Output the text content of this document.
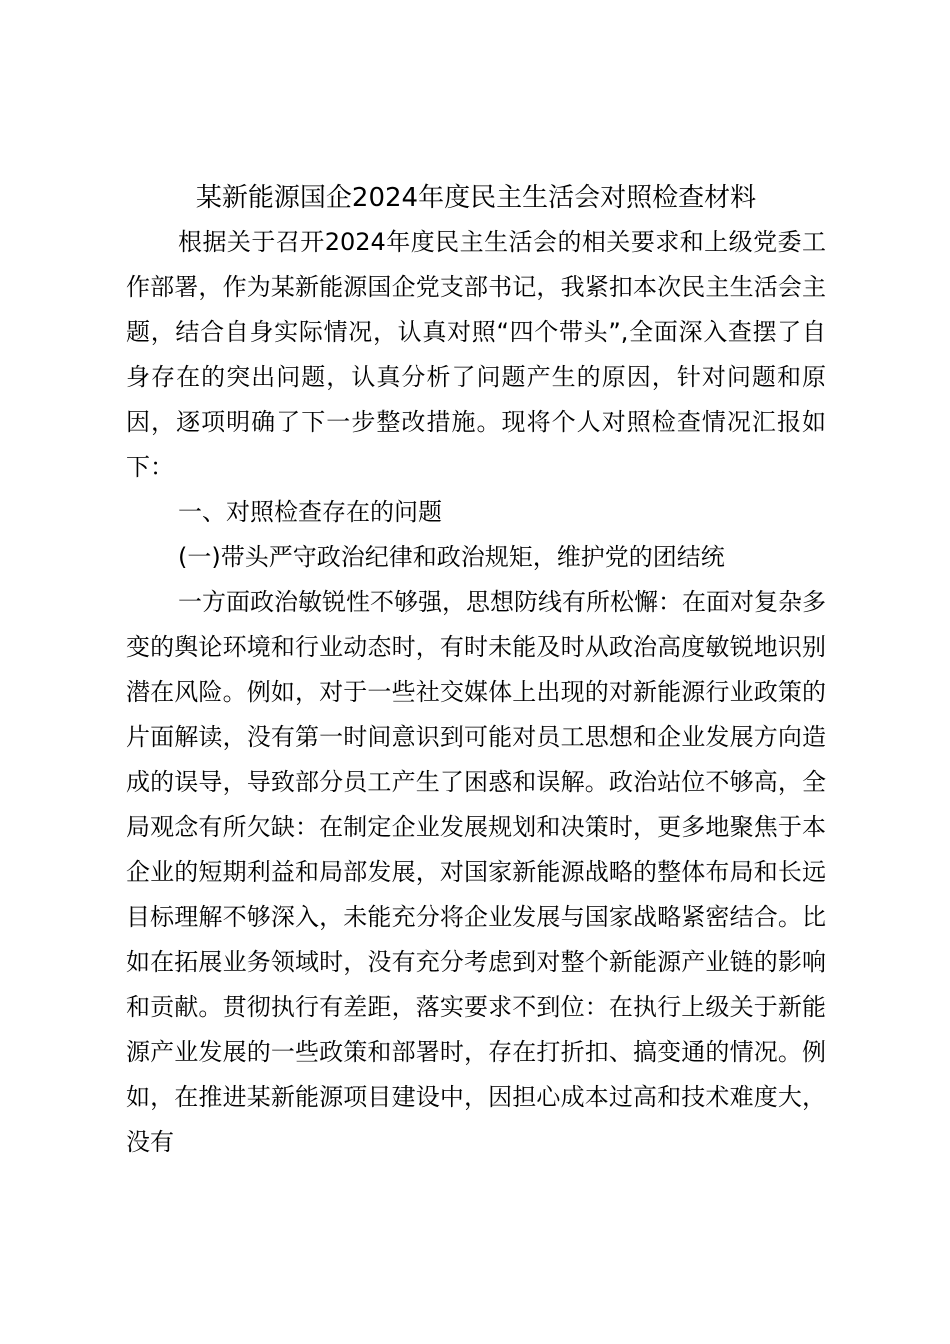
某新能源国企2024年度民主生活会对照检查材料

根据关于召开2024年度民主生活会的相关要求和上级党委工作部署，作为某新能源国企党支部书记，我紧扣本次民主生活会主题，结合自身实际情况，认真对照“四个带头”,全面深入查摆了自身存在的突出问题，认真分析了问题产生的原因，针对问题和原因，逐项明确了下一步整改措施。现将个人对照检查情况汇报如下：

一、对照检查存在的问题

(一)带头严守政治纪律和政治规矩，维护党的团结统

一方面政治敏锐性不够强，思想防线有所松懈：在面对复杂多变的舆论环境和行业动态时，有时未能及时从政治高度敏锐地识别潜在风险。例如，对于一些社交媒体上出现的对新能源行业政策的片面解读，没有第一时间意识到可能对员工思想和企业发展方向造成的误导，导致部分员工产生了困惑和误解。政治站位不够高，全局观念有所欠缺：在制定企业发展规划和决策时，更多地聚焦于本企业的短期利益和局部发展，对国家新能源战略的整体布局和长远目标理解不够深入，未能充分将企业发展与国家战略紧密结合。比如在拓展业务领域时，没有充分考虑到对整个新能源产业链的影响和贡献。贯彻执行有差距，落实要求不到位：在执行上级关于新能源产业发展的一些政策和部署时，存在打折扣、搞变通的情况。例如，在推进某新能源项目建设中，因担心成本过高和技术难度大，没有
